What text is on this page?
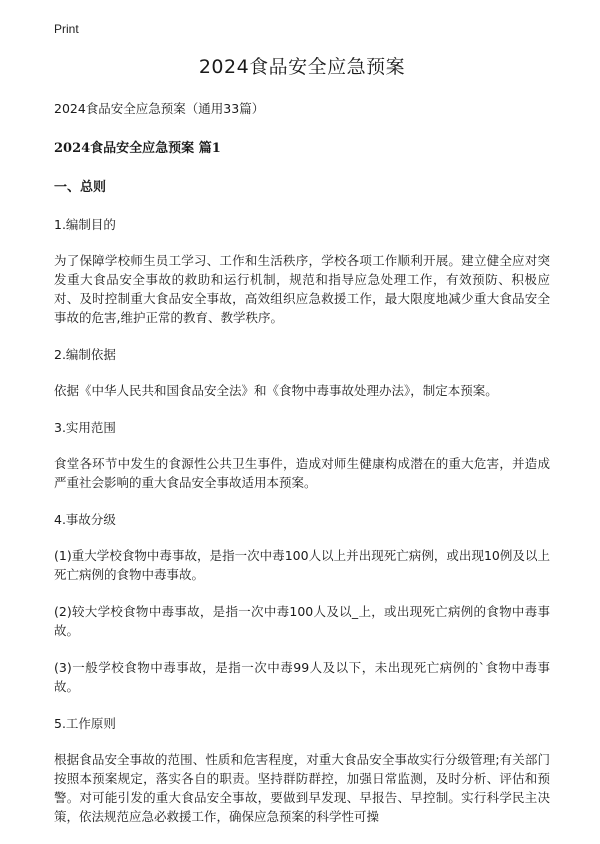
Print
2024食品安全应急预案

2024食品安全应急预案（通用33篇）

2024食品安全应急预案 篇1

一、总则

1.编制目的

为了保障学校师生员工学习、工作和生活秩序，学校各项工作顺利开展。建立健全应对突发重大食品安全事故的救助和运行机制，规范和指导应急处理工作，有效预防、积极应对、及时控制重大食品安全事故，高效组织应急救援工作，最大限度地减少重大食品安全事故的危害,维护正常的教育、教学秩序。

2.编制依据

依据《中华人民共和国食品安全法》和《食物中毒事故处理办法》，制定本预案。

3.实用范围

食堂各环节中发生的食源性公共卫生事件，造成对师生健康构成潜在的重大危害，并造成严重社会影响的重大食品安全事故适用本预案。

4.事故分级

(1)重大学校食物中毒事故，是指一次中毒100人以上并出现死亡病例，或出现10例及以上死亡病例的食物中毒事故。

(2)较大学校食物中毒事故，是指一次中毒100人及以_上，或出现死亡病例的食物中毒事故。

(3)一般学校食物中毒事故，是指一次中毒99人及以下，未出现死亡病例的`食物中毒事故。

5.工作原则

根据食品安全事故的范围、性质和危害程度，对重大食品安全事故实行分级管理;有关部门按照本预案规定，落实各自的职责。坚持群防群控，加强日常监测，及时分析、评估和预警。对可能引发的重大食品安全事故，要做到早发现、早报告、早控制。实行科学民主决策，依法规范应急必救援工作，确保应急预案的科学性可操
